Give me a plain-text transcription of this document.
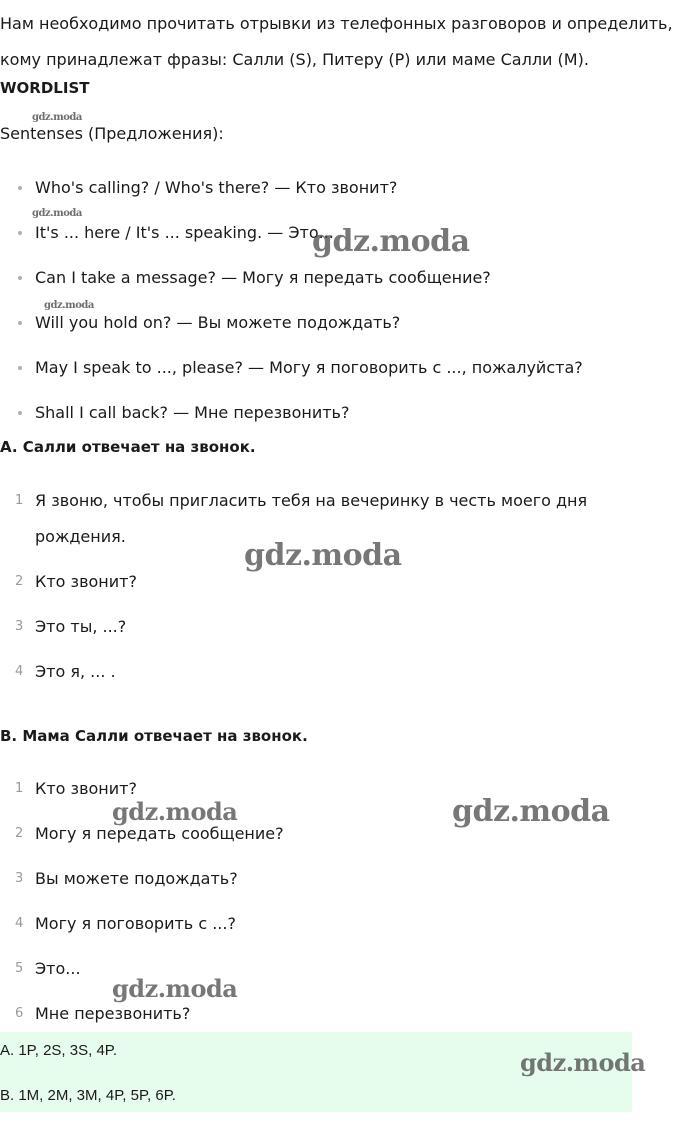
Нам необходимо прочитать отрывки из телефонных разговоров и определить, кому принадлежат фразы: Салли (S), Питеру (P) или маме Салли (M).

WORDLIST
Sentenses (Предложения):
Who's calling? / Who's there? — Кто звонит?
It's ... here / It's ... speaking. — Это...
Can I take a message? — Могу я передать сообщение?
Will you hold on? — Вы можете подождать?
May I speak to ..., please? — Могу я поговорить с ..., пожалуйста?
Shall I call back? — Мне перезвонить?
A. Салли отвечает на звонок.
1 Я звоню, чтобы пригласить тебя на вечеринку в честь моего дня рождения.
2 Кто звонит?
3 Это ты, ...?
4 Это я, ... .
B. Мама Салли отвечает на звонок.
1 Кто звонит?
2 Могу я передать сообщение?
3 Вы можете подождать?
4 Могу я поговорить с ...?
5 Это...
6 Мне перезвонить?
A. 1P, 2S, 3S, 4P.
B. 1M, 2M, 3M, 4P, 5P, 6P.
gdz.moda
gdz.moda
gdz.moda
gdz.moda
gdz.moda
gdz.moda	gdz.moda
gdz.moda
gdz.moda
